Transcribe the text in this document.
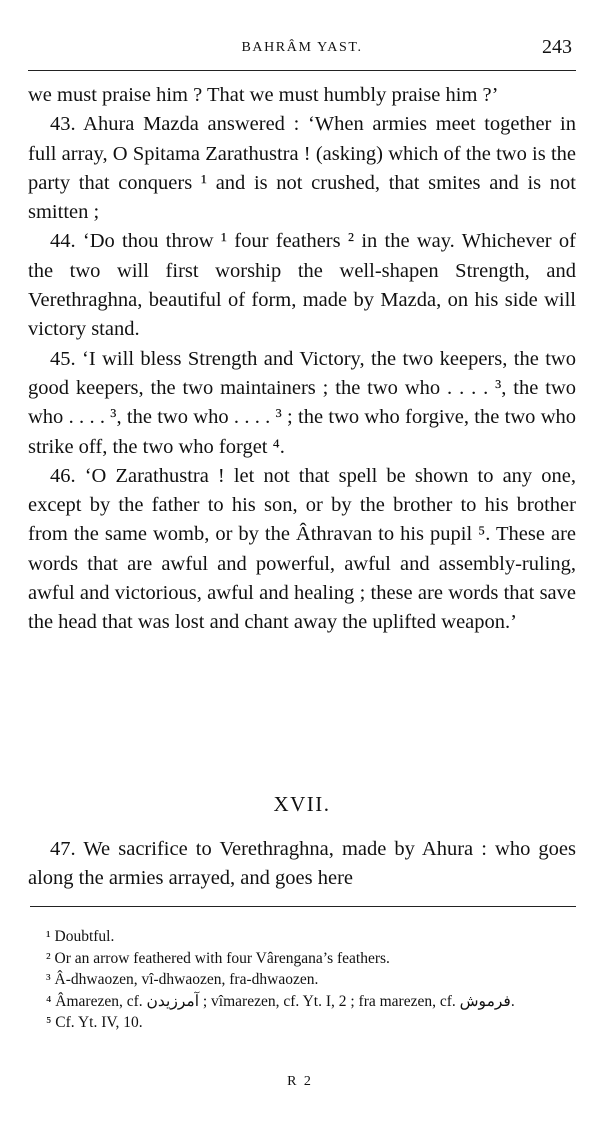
BAHRÂM YAST.	243

we must praise him ? That we must humbly praise him ?’

43. Ahura Mazda answered : ‘When armies meet together in full array, O Spitama Zarathustra ! (asking) which of the two is the party that conquers ¹ and is not crushed, that smites and is not smitten ;

44. ‘Do thou throw ¹ four feathers ² in the way. Whichever of the two will first worship the well-shapen Strength, and Verethraghna, beautiful of form, made by Mazda, on his side will victory stand.

45. ‘I will bless Strength and Victory, the two keepers, the two good keepers, the two maintainers ; the two who . . . . ³, the two who . . . . ³, the two who . . . . ³ ; the two who forgive, the two who strike off, the two who forget ⁴.

46. ‘O Zarathustra ! let not that spell be shown to any one, except by the father to his son, or by the brother to his brother from the same womb, or by the Âthravan to his pupil ⁵. These are words that are awful and powerful, awful and assembly-ruling, awful and victorious, awful and healing ; these are words that save the head that was lost and chant away the uplifted weapon.’

XVII.

47. We sacrifice to Verethraghna, made by Ahura : who goes along the armies arrayed, and goes here

¹ Doubtful.

² Or an arrow feathered with four Vârengana’s feathers.

³ Â-dhwaozen, vî-dhwaozen, fra-dhwaozen.

⁴ Âmarezen, cf. آمرزيدن ; vîmarezen, cf. Yt. I, 2 ; fra marezen, cf. فرموش.

⁵ Cf. Yt. IV, 10.

R 2
